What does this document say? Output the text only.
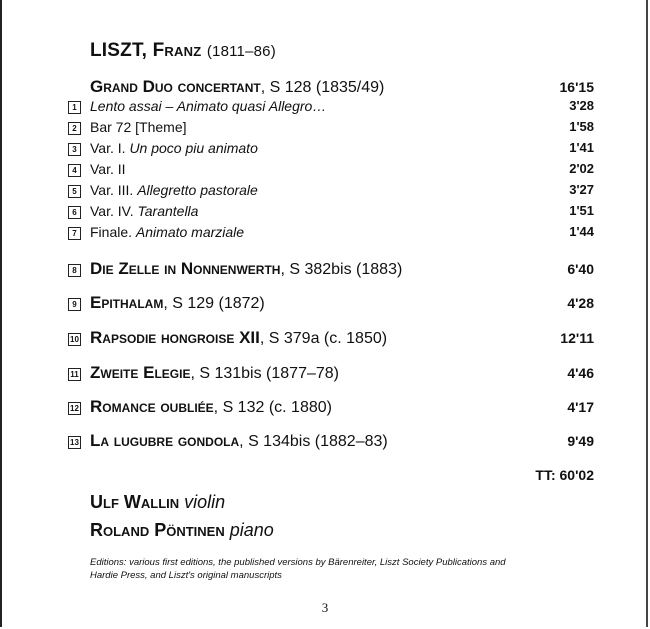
LISZT, Franz (1811–86)
Grand Duo concertant, S 128 (1835/49)	16'15
1 Lento assai – Animato quasi Allegro…	3'28
2 Bar 72 [Theme]	1'58
3 Var. I. Un poco piu animato	1'41
4 Var. II	2'02
5 Var. III. Allegretto pastorale	3'27
6 Var. IV. Tarantella	1'51
7 Finale. Animato marziale	1'44
8 Die Zelle in Nonnenwerth, S 382bis (1883)	6'40
9 Epithalam, S 129 (1872)	4'28
10 Rapsodie hongroise XII, S 379a (c. 1850)	12'11
11 Zweite Elegie, S 131bis (1877–78)	4'46
12 Romance oubliée, S 132 (c. 1880)	4'17
13 La lugubre gondola, S 134bis (1882–83)	9'49
TT: 60'02
Ulf Wallin violin
Roland Pöntinen piano
Editions: various first editions, the published versions by Bärenreiter, Liszt Society Publications and Hardie Press, and Liszt's original manuscripts
3
